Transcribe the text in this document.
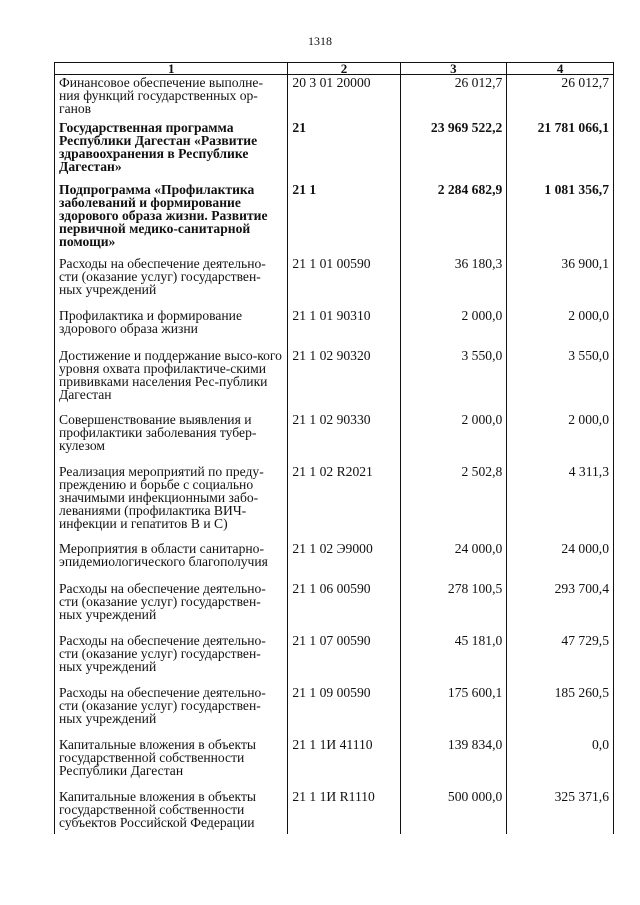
1318
1	2	3	4
Финансовое обеспечение выполне-ния функций государственных ор-ганов	20 3 01 20000	26 012,7	26 012,7
Государственная программа Республики Дагестан «Развитие здравоохранения в Республике Дагестан»	21	23 969 522,2	21 781 066,1
Подпрограмма «Профилактика заболеваний и формирование здорового образа жизни. Развитие первичной медико-санитарной помощи»	21 1	2 284 682,9	1 081 356,7
Расходы на обеспечение деятельно-сти (оказание услуг) государствен-ных учреждений	21 1 01 00590	36 180,3	36 900,1
Профилактика и формирование здорового образа жизни	21 1 01 90310	2 000,0	2 000,0
Достижение и поддержание высо-кого уровня охвата профилактиче-скими прививками населения Рес-публики Дагестан	21 1 02 90320	3 550,0	3 550,0
Совершенствование выявления и профилактики заболевания тубер-кулезом	21 1 02 90330	2 000,0	2 000,0
Реализация мероприятий по преду-преждению и борьбе с социально значимыми инфекционными забо-леваниями (профилактика ВИЧ-инфекции и гепатитов В и С)	21 1 02 R2021	2 502,8	4 311,3
Мероприятия в области санитарно-эпидемиологического благополучия	21 1 02 Э9000	24 000,0	24 000,0
Расходы на обеспечение деятельно-сти (оказание услуг) государствен-ных учреждений	21 1 06 00590	278 100,5	293 700,4
Расходы на обеспечение деятельно-сти (оказание услуг) государствен-ных учреждений	21 1 07 00590	45 181,0	47 729,5
Расходы на обеспечение деятельно-сти (оказание услуг) государствен-ных учреждений	21 1 09 00590	175 600,1	185 260,5
Капитальные вложения в объекты государственной собственности Республики Дагестан	21 1 1И 41110	139 834,0	0,0
Капитальные вложения в объекты государственной собственности субъектов Российской Федерации	21 1 1И R1110	500 000,0	325 371,6
